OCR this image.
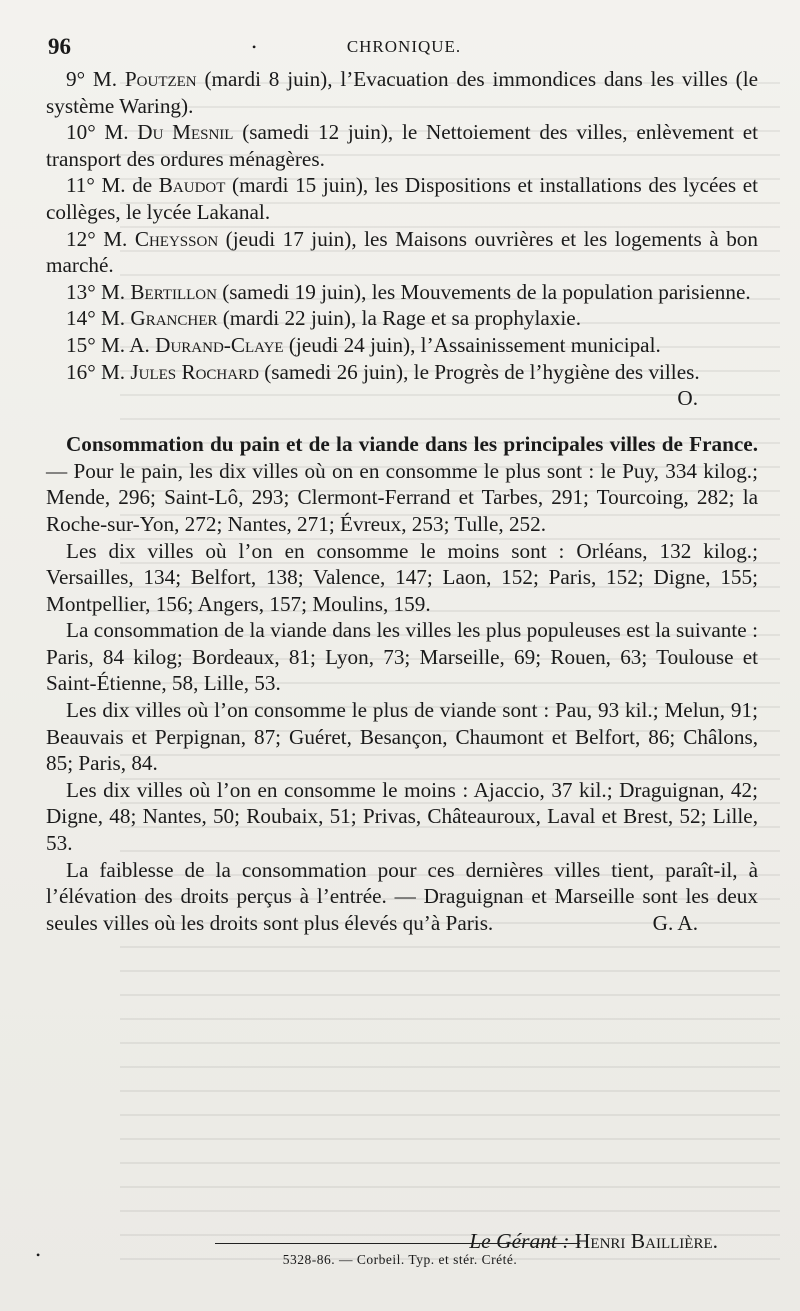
96	CHRONIQUE.
•

9° M. Poutzen (mardi 8 juin), l’Evacuation des immondices dans les villes (le système Waring).

10° M. Du Mesnil (samedi 12 juin), le Nettoiement des villes, enlèvement et transport des ordures ménagères.

11° M. de Baudot (mardi 15 juin), les Dispositions et installations des lycées et collèges, le lycée Lakanal.

12° M. Cheysson (jeudi 17 juin), les Maisons ouvrières et les logements à bon marché.

13° M. Bertillon (samedi 19 juin), les Mouvements de la population parisienne.

14° M. Grancher (mardi 22 juin), la Rage et sa prophylaxie.

15° M. A. Durand-Claye (jeudi 24 juin), l’Assainissement municipal.

16° M. Jules Rochard (samedi 26 juin), le Progrès de l’hygiène des villes.
O.

Consommation du pain et de la viande dans les principales villes de France. — Pour le pain, les dix villes où on en consomme le plus sont : le Puy, 334 kilog.; Mende, 296; Saint-Lô, 293; Clermont-Ferrand et Tarbes, 291; Tourcoing, 282; la Roche-sur-Yon, 272; Nantes, 271; Évreux, 253; Tulle, 252.

Les dix villes où l’on en consomme le moins sont : Orléans, 132 kilog.; Versailles, 134; Belfort, 138; Valence, 147; Laon, 152; Paris, 152; Digne, 155; Montpellier, 156; Angers, 157; Moulins, 159.

La consommation de la viande dans les villes les plus populeuses est la suivante : Paris, 84 kilog; Bordeaux, 81; Lyon, 73; Marseille, 69; Rouen, 63; Toulouse et Saint-Étienne, 58, Lille, 53.

Les dix villes où l’on consomme le plus de viande sont : Pau, 93 kil.; Melun, 91; Beauvais et Perpignan, 87; Guéret, Besançon, Chaumont et Belfort, 86; Châlons, 85; Paris, 84.

Les dix villes où l’on en consomme le moins : Ajaccio, 37 kil.; Draguignan, 42; Digne, 48; Nantes, 50; Roubaix, 51; Privas, Châteauroux, Laval et Brest, 52; Lille, 53.

La faiblesse de la consommation pour ces dernières villes tient, paraît-il, à l’élévation des droits perçus à l’entrée. — Draguignan et Marseille sont les deux seules villes où les droits sont plus élevés qu’à Paris.	G. A.

Le Gérant : Henri Baillière.
•	5328-86. — Corbeil. Typ. et stér. Crété.
